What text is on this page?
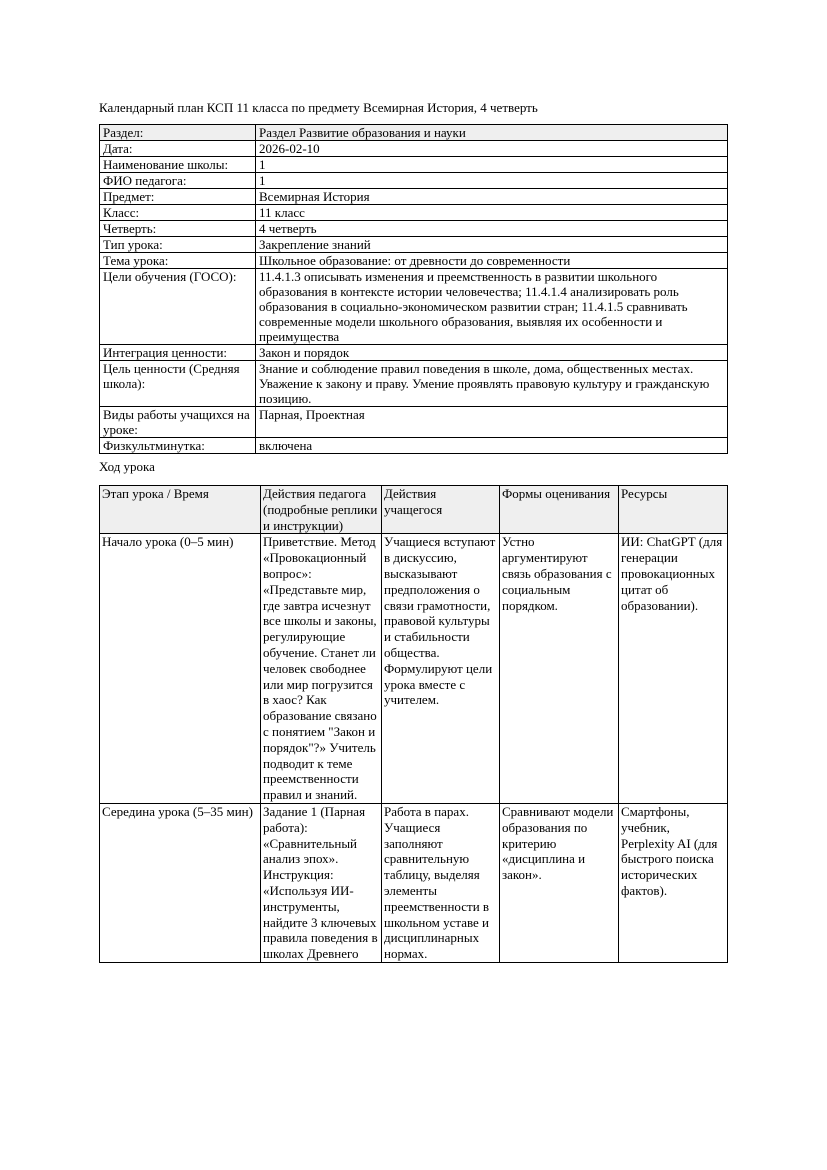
Календарный план КСП 11 класса по предмету Всемирная История, 4 четверть
Раздел:	Раздел Развитие образования и науки
Дата:	2026-02-10
Наименование школы:	1
ФИО педагога:	1
Предмет:	Всемирная История
Класс:	11 класс
Четверть:	4 четверть
Тип урока:	Закрепление знаний
Тема урока:	Школьное образование: от древности до современности
Цели обучения (ГОСО):	11.4.1.3 описывать изменения и преемственность в развитии школьного образования в контексте истории человечества; 11.4.1.4 анализировать роль образования в социально-экономическом развитии стран; 11.4.1.5 сравнивать современные модели школьного образования, выявляя их особенности и преимущества
Интеграция ценности:	Закон и порядок
Цель ценности (Средняя школа):	Знание и соблюдение правил поведения в школе, дома, общественных местах. Уважение к закону и праву. Умение проявлять правовую культуру и гражданскую позицию.
Виды работы учащихся на уроке:	Парная, Проектная
Физкультминутка:	включена
Ход урока
Этап урока / Время	Действия педагога (подробные реплики и инструкции)	Действия учащегося	Формы оценивания	Ресурсы
Начало урока (0–5 мин)	Приветствие. Метод «Провокационный вопрос»: «Представьте мир, где завтра исчезнут все школы и законы, регулирующие обучение. Станет ли человек свободнее или мир погрузится в хаос? Как образование связано с понятием "Закон и порядок"?» Учитель подводит к теме преемственности правил и знаний.	Учащиеся вступают в дискуссию, высказывают предположения о связи грамотности, правовой культуры и стабильности общества. Формулируют цели урока вместе с учителем.	Устно аргументируют связь образования с социальным порядком.	ИИ: ChatGPT (для генерации провокационных цитат об образовании).
Середина урока (5–35 мин)	Задание 1 (Парная работа): «Сравнительный анализ эпох». Инструкция: «Используя ИИ-инструменты, найдите 3 ключевых правила поведения в школах Древнего	Работа в парах. Учащиеся заполняют сравнительную таблицу, выделяя элементы преемственности в школьном уставе и дисциплинарных нормах.	Сравнивают модели образования по критерию «дисциплина и закон».	Смартфоны, учебник, Perplexity AI (для быстрого поиска исторических фактов).
